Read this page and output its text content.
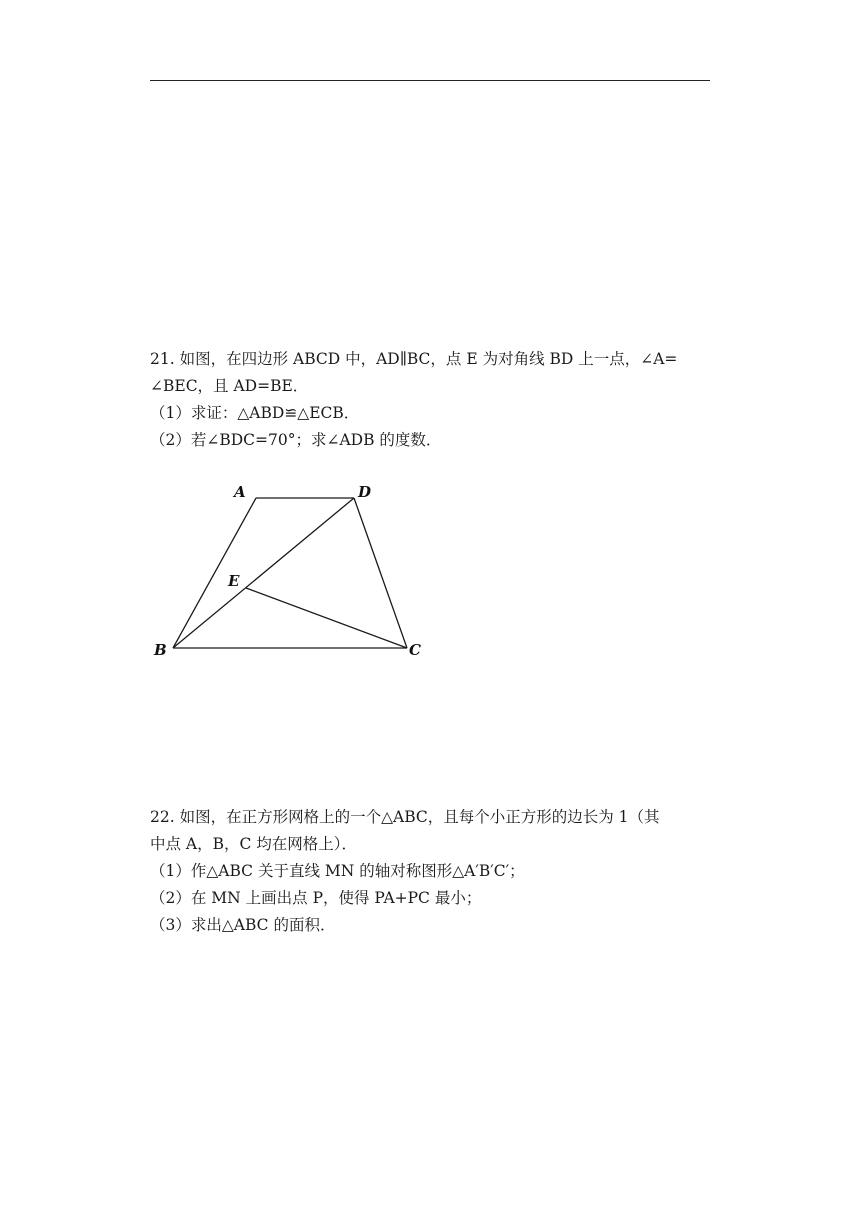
21. 如图，在四边形 ABCD 中，AD∥BC，点 E 为对角线 BD 上一点，∠A=

∠BEC，且 AD=BE．

（1）求证：△ABD≌△ECB．

（2）若∠BDC=70°；求∠ADB 的度数．

A	D
E
B	C

22. 如图，在正方形网格上的一个△ABC，且每个小正方形的边长为 1（其

中点 A，B，C 均在网格上）．

（1）作△ABC 关于直线 MN 的轴对称图形△A′B′C′；

（2）在 MN 上画出点 P，使得 PA+PC 最小；

（3）求出△ABC 的面积．
